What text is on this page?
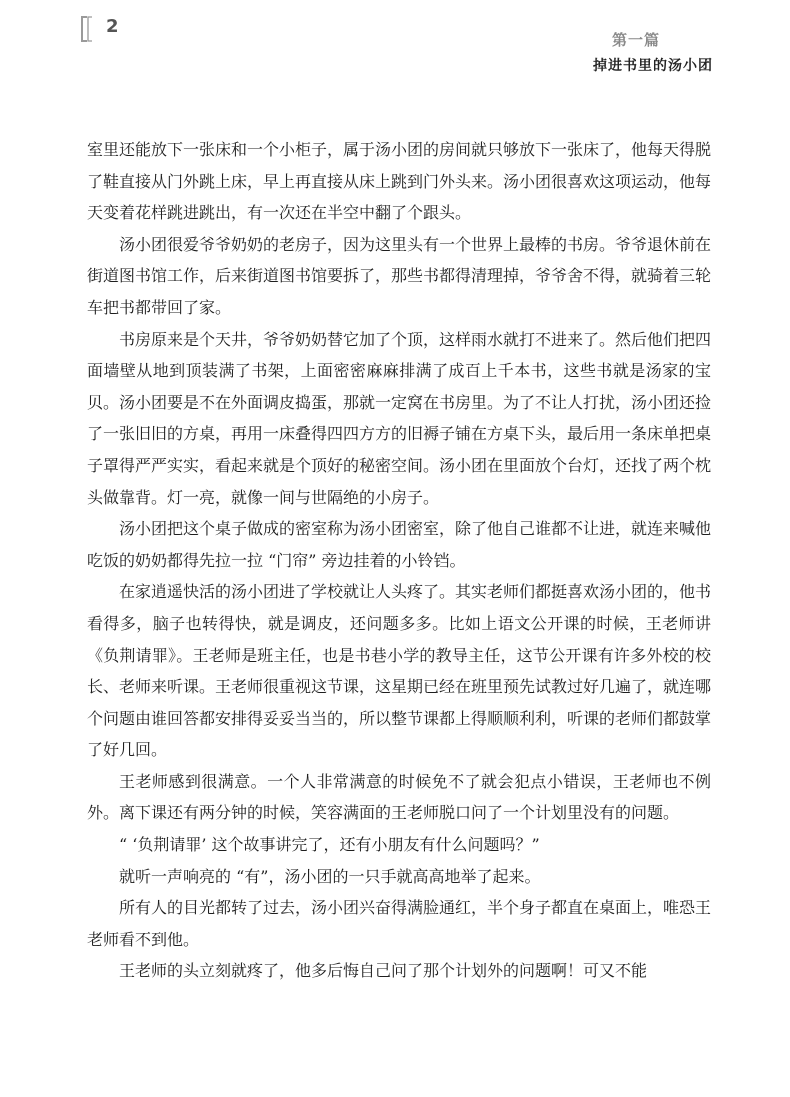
2
第一篇
掉进书里的汤小团

室里还能放下一张床和一个小柜子，属于汤小团的房间就只够放下一张床了，他每天得脱了鞋直接从门外跳上床，早上再直接从床上跳到门外头来。汤小团很喜欢这项运动，他每天变着花样跳进跳出，有一次还在半空中翻了个跟头。

汤小团很爱爷爷奶奶的老房子，因为这里头有一个世界上最棒的书房。爷爷退休前在街道图书馆工作，后来街道图书馆要拆了，那些书都得清理掉，爷爷舍不得，就骑着三轮车把书都带回了家。

书房原来是个天井，爷爷奶奶替它加了个顶，这样雨水就打不进来了。然后他们把四面墙壁从地到顶装满了书架，上面密密麻麻排满了成百上千本书，这些书就是汤家的宝贝。汤小团要是不在外面调皮捣蛋，那就一定窝在书房里。为了不让人打扰，汤小团还捡了一张旧旧的方桌，再用一床叠得四四方方的旧褥子铺在方桌下头，最后用一条床单把桌子罩得严严实实，看起来就是个顶好的秘密空间。汤小团在里面放个台灯，还找了两个枕头做靠背。灯一亮，就像一间与世隔绝的小房子。

汤小团把这个桌子做成的密室称为汤小团密室，除了他自己谁都不让进，就连来喊他吃饭的奶奶都得先拉一拉 “门帘” 旁边挂着的小铃铛。

在家逍遥快活的汤小团进了学校就让人头疼了。其实老师们都挺喜欢汤小团的，他书看得多，脑子也转得快，就是调皮，还问题多多。比如上语文公开课的时候，王老师讲《负荆请罪》。王老师是班主任，也是书巷小学的教导主任，这节公开课有许多外校的校长、老师来听课。王老师很重视这节课，这星期已经在班里预先试教过好几遍了，就连哪个问题由谁回答都安排得妥妥当当的，所以整节课都上得顺顺利利，听课的老师们都鼓掌了好几回。

王老师感到很满意。一个人非常满意的时候免不了就会犯点小错误，王老师也不例外。离下课还有两分钟的时候，笑容满面的王老师脱口问了一个计划里没有的问题。

“ ‘负荆请罪’ 这个故事讲完了，还有小朋友有什么问题吗？”

就听一声响亮的 “有”，汤小团的一只手就高高地举了起来。

所有人的目光都转了过去，汤小团兴奋得满脸通红，半个身子都直在桌面上，唯恐王老师看不到他。

王老师的头立刻就疼了，他多后悔自己问了那个计划外的问题啊！可又不能
